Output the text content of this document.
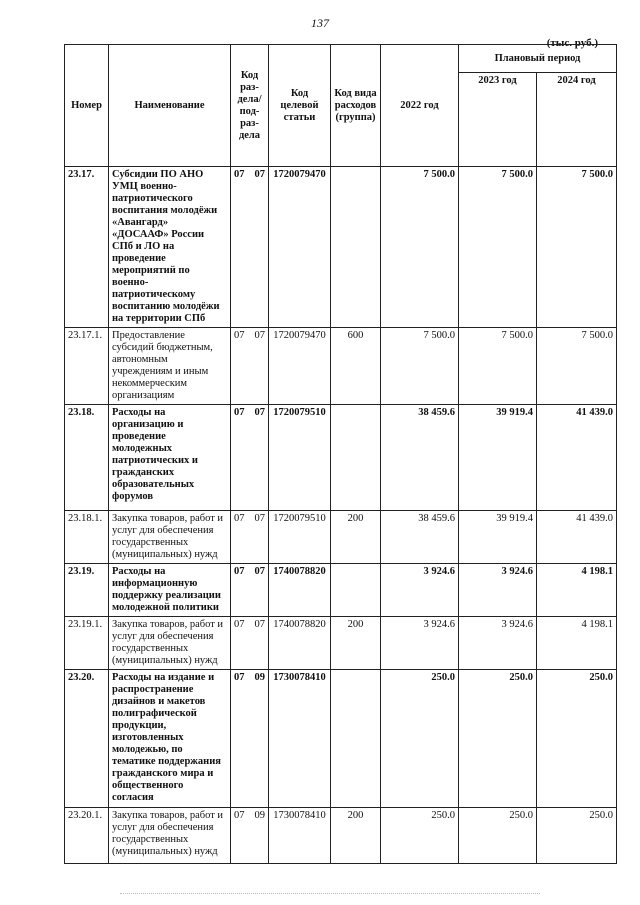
137
(тыс. руб.)
Номер	Наименование	Код раз-дела/ под-раз-дела	Код целевой статьи	Код вида расходов (группа)	2022 год	Плановый период	
						2023 год	2024 год
23.17.	Субсидии ПО АНО УМЦ военно-патриотического воспитания молодёжи «Авангард» «ДОСААФ» России СПб и ЛО на проведение мероприятий по военно-патриотическому воспитанию молодёжи на территории СПб	07 07	1720079470		7 500.0	7 500.0	7 500.0
23.17.1.	Предоставление субсидий бюджетным, автономным учреждениям и иным некоммерческим организациям	07 07	1720079470	600	7 500.0	7 500.0	7 500.0
23.18.	Расходы на организацию и проведение молодежных патриотических и гражданских образовательных форумов	07 07	1720079510		38 459.6	39 919.4	41 439.0
23.18.1.	Закупка товаров, работ и услуг для обеспечения государственных (муниципальных) нужд	07 07	1720079510	200	38 459.6	39 919.4	41 439.0
23.19.	Расходы на информационную поддержку реализации молодежной политики	07 07	1740078820		3 924.6	3 924.6	4 198.1
23.19.1.	Закупка товаров, работ и услуг для обеспечения государственных (муниципальных) нужд	07 07	1740078820	200	3 924.6	3 924.6	4 198.1
23.20.	Расходы на издание и распространение дизайнов и макетов полиграфической продукции, изготовленных молодежью, по тематике поддержания гражданского мира и общественного согласия	07 09	1730078410		250.0	250.0	250.0
23.20.1.	Закупка товаров, работ и услуг для обеспечения государственных (муниципальных) нужд	07 09	1730078410	200	250.0	250.0	250.0
